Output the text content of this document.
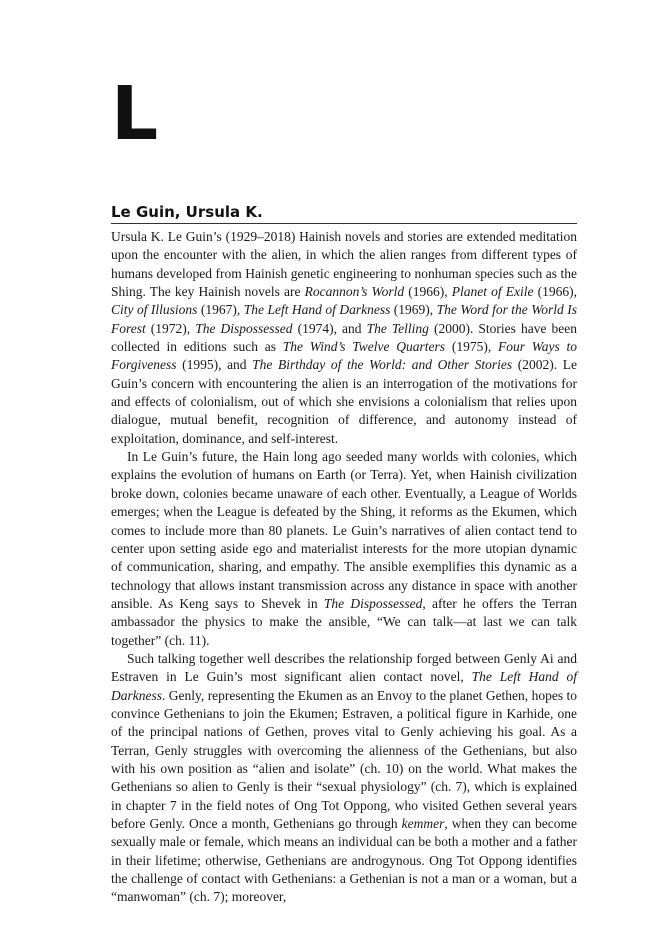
L
Le Guin, Ursula K.

Ursula K. Le Guin’s (1929–2018) Hainish novels and stories are extended meditation upon the encounter with the alien, in which the alien ranges from different types of humans developed from Hainish genetic engineering to nonhuman species such as the Shing. The key Hainish novels are Rocannon’s World (1966), Planet of Exile (1966), City of Illusions (1967), The Left Hand of Darkness (1969), The Word for the World Is Forest (1972), The Dispossessed (1974), and The Telling (2000). Stories have been collected in editions such as The Wind’s Twelve Quarters (1975), Four Ways to Forgiveness (1995), and The Birthday of the World: and Other Stories (2002). Le Guin’s concern with encountering the alien is an interrogation of the motivations for and effects of colonialism, out of which she envisions a colonialism that relies upon dialogue, mutual benefit, recognition of difference, and autonomy instead of exploitation, dominance, and self-interest.

In Le Guin’s future, the Hain long ago seeded many worlds with colonies, which explains the evolution of humans on Earth (or Terra). Yet, when Hainish civilization broke down, colonies became unaware of each other. Eventually, a League of Worlds emerges; when the League is defeated by the Shing, it reforms as the Ekumen, which comes to include more than 80 planets. Le Guin’s narratives of alien contact tend to center upon setting aside ego and materialist interests for the more utopian dynamic of communication, sharing, and empathy. The ansible exemplifies this dynamic as a technology that allows instant transmission across any distance in space with another ansible. As Keng says to Shevek in The Dispossessed, after he offers the Terran ambassador the physics to make the ansible, “We can talk—at last we can talk together” (ch. 11).

Such talking together well describes the relationship forged between Genly Ai and Estraven in Le Guin’s most significant alien contact novel, The Left Hand of Darkness. Genly, representing the Ekumen as an Envoy to the planet Gethen, hopes to convince Gethenians to join the Ekumen; Estraven, a political figure in Karhide, one of the principal nations of Gethen, proves vital to Genly achieving his goal. As a Terran, Genly struggles with overcoming the alienness of the Gethenians, but also with his own position as “alien and isolate” (ch. 10) on the world. What makes the Gethenians so alien to Genly is their “sexual physiology” (ch. 7), which is explained in chapter 7 in the field notes of Ong Tot Oppong, who visited Gethen several years before Genly. Once a month, Gethenians go through kemmer, when they can become sexually male or female, which means an individual can be both a mother and a father in their lifetime; otherwise, Gethenians are androgynous. Ong Tot Oppong identifies the challenge of contact with Gethenians: a Gethenian is not a man or a woman, but a “manwoman” (ch. 7); moreover,
